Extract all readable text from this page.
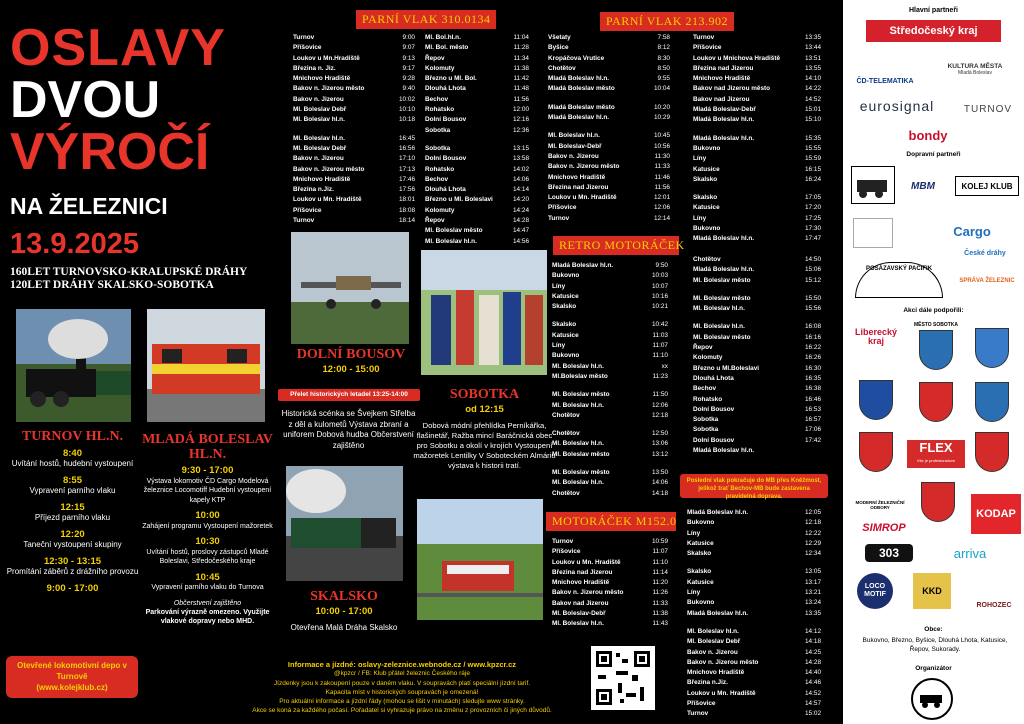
OSLAVY
DVOU
VÝROČÍ
NA ŽELEZNICI
13.9.2025
160LET TURNOVSKO-KRALUPSKÉ DRÁHY
120LET DRÁHY SKALSKO-SOBOTKA
TURNOV HL.N.
8:40
Uvítání hostů, hudební vystoupení
8:55
Vypravení parního vlaku
12:15
Příjezd parního vlaku
12:20
Taneční vystoupení skupiny
12:30 - 13:15
Promítání záběrů z drážního provozu
9:00 - 17:00
Otevřené lokomotivní depo v Turnově
(www.kolejklub.cz)
MLADÁ BOLESLAV HL.N.
9:30 - 17:00
Výstava lokomotiv ČD Cargo Modelová železnice Locomotiff Hudební vystoupení kapely KTP
10:00
Zahájení programu Vystoupení mažoretek
10:30
Uvítání hostů, proslovy zástupců Mladé Boleslavi, Středočeského kraje
10:45
Vypravení parního vlaku do Turnova
Občerstvení zajištěno
Parkování výrazně omezeno. Využijte vlakové dopravy nebo MHD.
PARNÍ VLAK 310.0134
Turnov	9:00
Příšovice	9:07
Loukov u Mn.Hradiště	9:13
Březina n. Jiz.	9:17
Mnichovo Hradiště	9:28
Bakov n. Jizerou město	9:40
Bakov n. Jizerou	10:02
Ml. Boleslav Debř	10:10
Ml. Boleslav hl.n.	10:18
Ml. Boleslav hl.n.	16:45
Ml. Boleslav Debř	16:56
Bakov n. Jizerou	17:10
Bakov n. Jizerou město	17:13
Mnichovo Hradiště	17:46
Březina n.Jiz.	17:56
Loukov u Mn. Hradiště	18:01
Příšovice	18:08
Turnov	18:14
Ml. Bol.hl.n.	11:04
Ml. Bol. město	11:28
Řepov	11:34
Kolomuty	11:38
Březno u Ml. Bol.	11:42
Dlouhá Lhota	11:48
Bechov	11:56
Rohatsko	12:00
Dolní Bousov	12:16
Sobotka	12:36
Sobotka	13:15
Dolní Bousov	13:58
Rohatsko	14:02
Bechov	14:06
Dlouhá Lhota	14:14
Březno u Ml. Boleslavi	14:20
Kolomuty	14:24
Řepov	14:28
Ml. Boleslav město	14:47
Ml. Boleslav hl.n.	14:56
DOLNÍ BOUSOV
12:00 - 15:00
Přelet historických letadel 13:25-14:00
Historická scénka se Švejkem Střelba z děl a kulometů Výstava zbraní a uniforem Dobová hudba Občerstvení zajištěno
SOBOTKA
od 12:15
Dobová módní přehlídka Perníkářka, flašinetář, Ražba mincí Baráčnická obec pro Sobotku a okolí v krojích Vystoupení mažoretek Lentilky V Soboteckém Almáriu výstava k historii tratí.
SKALSKO
10:00 - 17:00
Otevřena Malá Dráha Skalsko
PARNÍ VLAK 213.902
Všetaty	7:58
Byšice	8:12
Kropáčova Vrutice	8:30
Chotětov	8:50
Mladá Boleslav hl.n.	9:55
Mladá Boleslav město	10:04
Mladá Boleslav město	10:20
Mladá Boleslav hl.n.	10:29
Ml. Boleslav hl.n.	10:45
Ml. Boleslav-Debř	10:56
Bakov n. Jizerou	11:30
Bakov n. Jizerou město	11:33
Mnichovo Hradiště	11:46
Březina nad Jizerou	11:56
Loukov u Mn. Hradiště	12:01
Příšovice	12:06
Turnov	12:14
Turnov	13:35
Příšovice	13:44
Loukov u Mnichova Hradiště	13:51
Březina nad Jizerou	13:55
Mnichovo Hradiště	14:10
Bakov nad Jizerou město	14:22
Bakov nad Jizerou	14:52
Mladá Boleslav-Debř	15:01
Mladá Boleslav hl.n.	15:10
Mladá Boleslav hl.n.	15:35
Bukovno	15:55
Líny	15:59
Katusice	16:15
Skalsko	16:24
Skalsko	17:05
Katusice	17:20
Líny	17:25
Bukovno	17:30
Mladá Boleslav hl.n.	17:47
RETRO MOTORÁČEK
Mladá Boleslav hl.n.	9:50
Bukovno	10:03
Líny	10:07
Katusice	10:16
Skalsko	10:21
Skalsko	10:42
Katusice	11:03
Líny	11:07
Bukovno	11:10
Ml. Boleslav hl.n.	xx
Ml.Boleslav město	11:23
Ml. Boleslav město	11:50
Ml. Boleslav hl.n.	12:06
Chotětov	12:18
Chotětov	12:50
Ml. Boleslav hl.n.	13:06
Ml. Boleslav město	13:12
Ml. Boleslav město	13:50
Ml. Boleslav hl.n.	14:06
Chotětov	14:18
Chotětov	14:50
Mladá Boleslav hl.n.	15:06
Ml. Boleslav město	15:12
Ml. Boleslav město	15:50
Ml. Boleslav hl.n.	15:56
Ml. Boleslav hl.n.	16:08
Ml. Boleslav město	16:16
Řepov	16:22
Kolomuty	16:26
Březno u Ml.Boleslavi	16:30
Dlouhá Lhota	16:35
Bechov	16:38
Rohatsko	16:46
Dolní Bousov	16:53
Sobotka	16:57
Sobotka	17:06
Dolní Bousov	17:42
Mladá Boleslav hl.n.
Poslední vlak pokračuje do MB přes Kněžmost, jelikož trať Bechov-MB bude zastavena pravidelná doprava.
MOTORÁČEK M152.0
Turnov	10:59
Příšovice	11:07
Loukov u Mn. Hradiště	11:10
Březina nad Jizerou	11:14
Mnichovo Hradiště	11:20
Bakov n. Jizerou město	11:26
Bakov nad Jizerou	11:33
Ml. Boleslav-Debř	11:38
Ml. Boleslav hl.n.	11:43
Mladá Boleslav hl.n.	12:05
Bukovno	12:18
Líny	12:22
Katusice	12:29
Skalsko	12:34
Skalsko	13:05
Katusice	13:17
Líny	13:21
Bukovno	13:24
Mladá Boleslav hl.n.	13:35
Ml. Boleslav hl.n.	14:12
Ml. Boleslav Debř	14:18
Bakov n. Jizerou	14:25
Bakov n. Jizerou město	14:28
Mnichovo Hradiště	14:40
Březina n.Jiz.	14:46
Loukov u Mn. Hradiště	14:52
Příšovice	14:57
Turnov	15:02
Informace a jízdné: oslavy-zeleznice.webnode.cz / www.kpzcr.cz
@kpzcr / FB: Klub přátel železnic Českého ráje
Jízdenky jsou k zakoupení pouze v daném vlaku. V soupravách platí speciální jízdní tarif.
Kapacita míst v historických soupravách je omezená!
Pro aktuální informace a jízdní řády (mohou se lišit v minutách) sledujte www stránky.
Akce se koná za každého počasí. Pořadatel si vyhrazuje právo na změnu z provozních či jiných důvodů.
Hlavní partneři
Středočeský kraj
ČD-TELEMATIKA
KULTURA MĚSTA
Mladá Boleslav
eurosignal	TURNOV
bondy
Dopravní partneři
MBM	KOLEJ KLUB
Cargo
České dráhy
POSÁZAVSKÝ PACIFIK
SPRÁVA ŽELEZNIC
Akci dále podpořili:
Liberecký kraj
MĚSTO SOBOTKA
FLEX
Vše je profesionalove
MODERNÍ ŽELEZNIČNÍ ODBORY
KODAP
SIMROP
303	arriva
LOCO MOTIF	KKD
ROHOZEC
Obce:
Bukovno, Březno, Byšice, Dlouhá Lhota, Katusice, Řepov, Sukorady.
Organizátor
